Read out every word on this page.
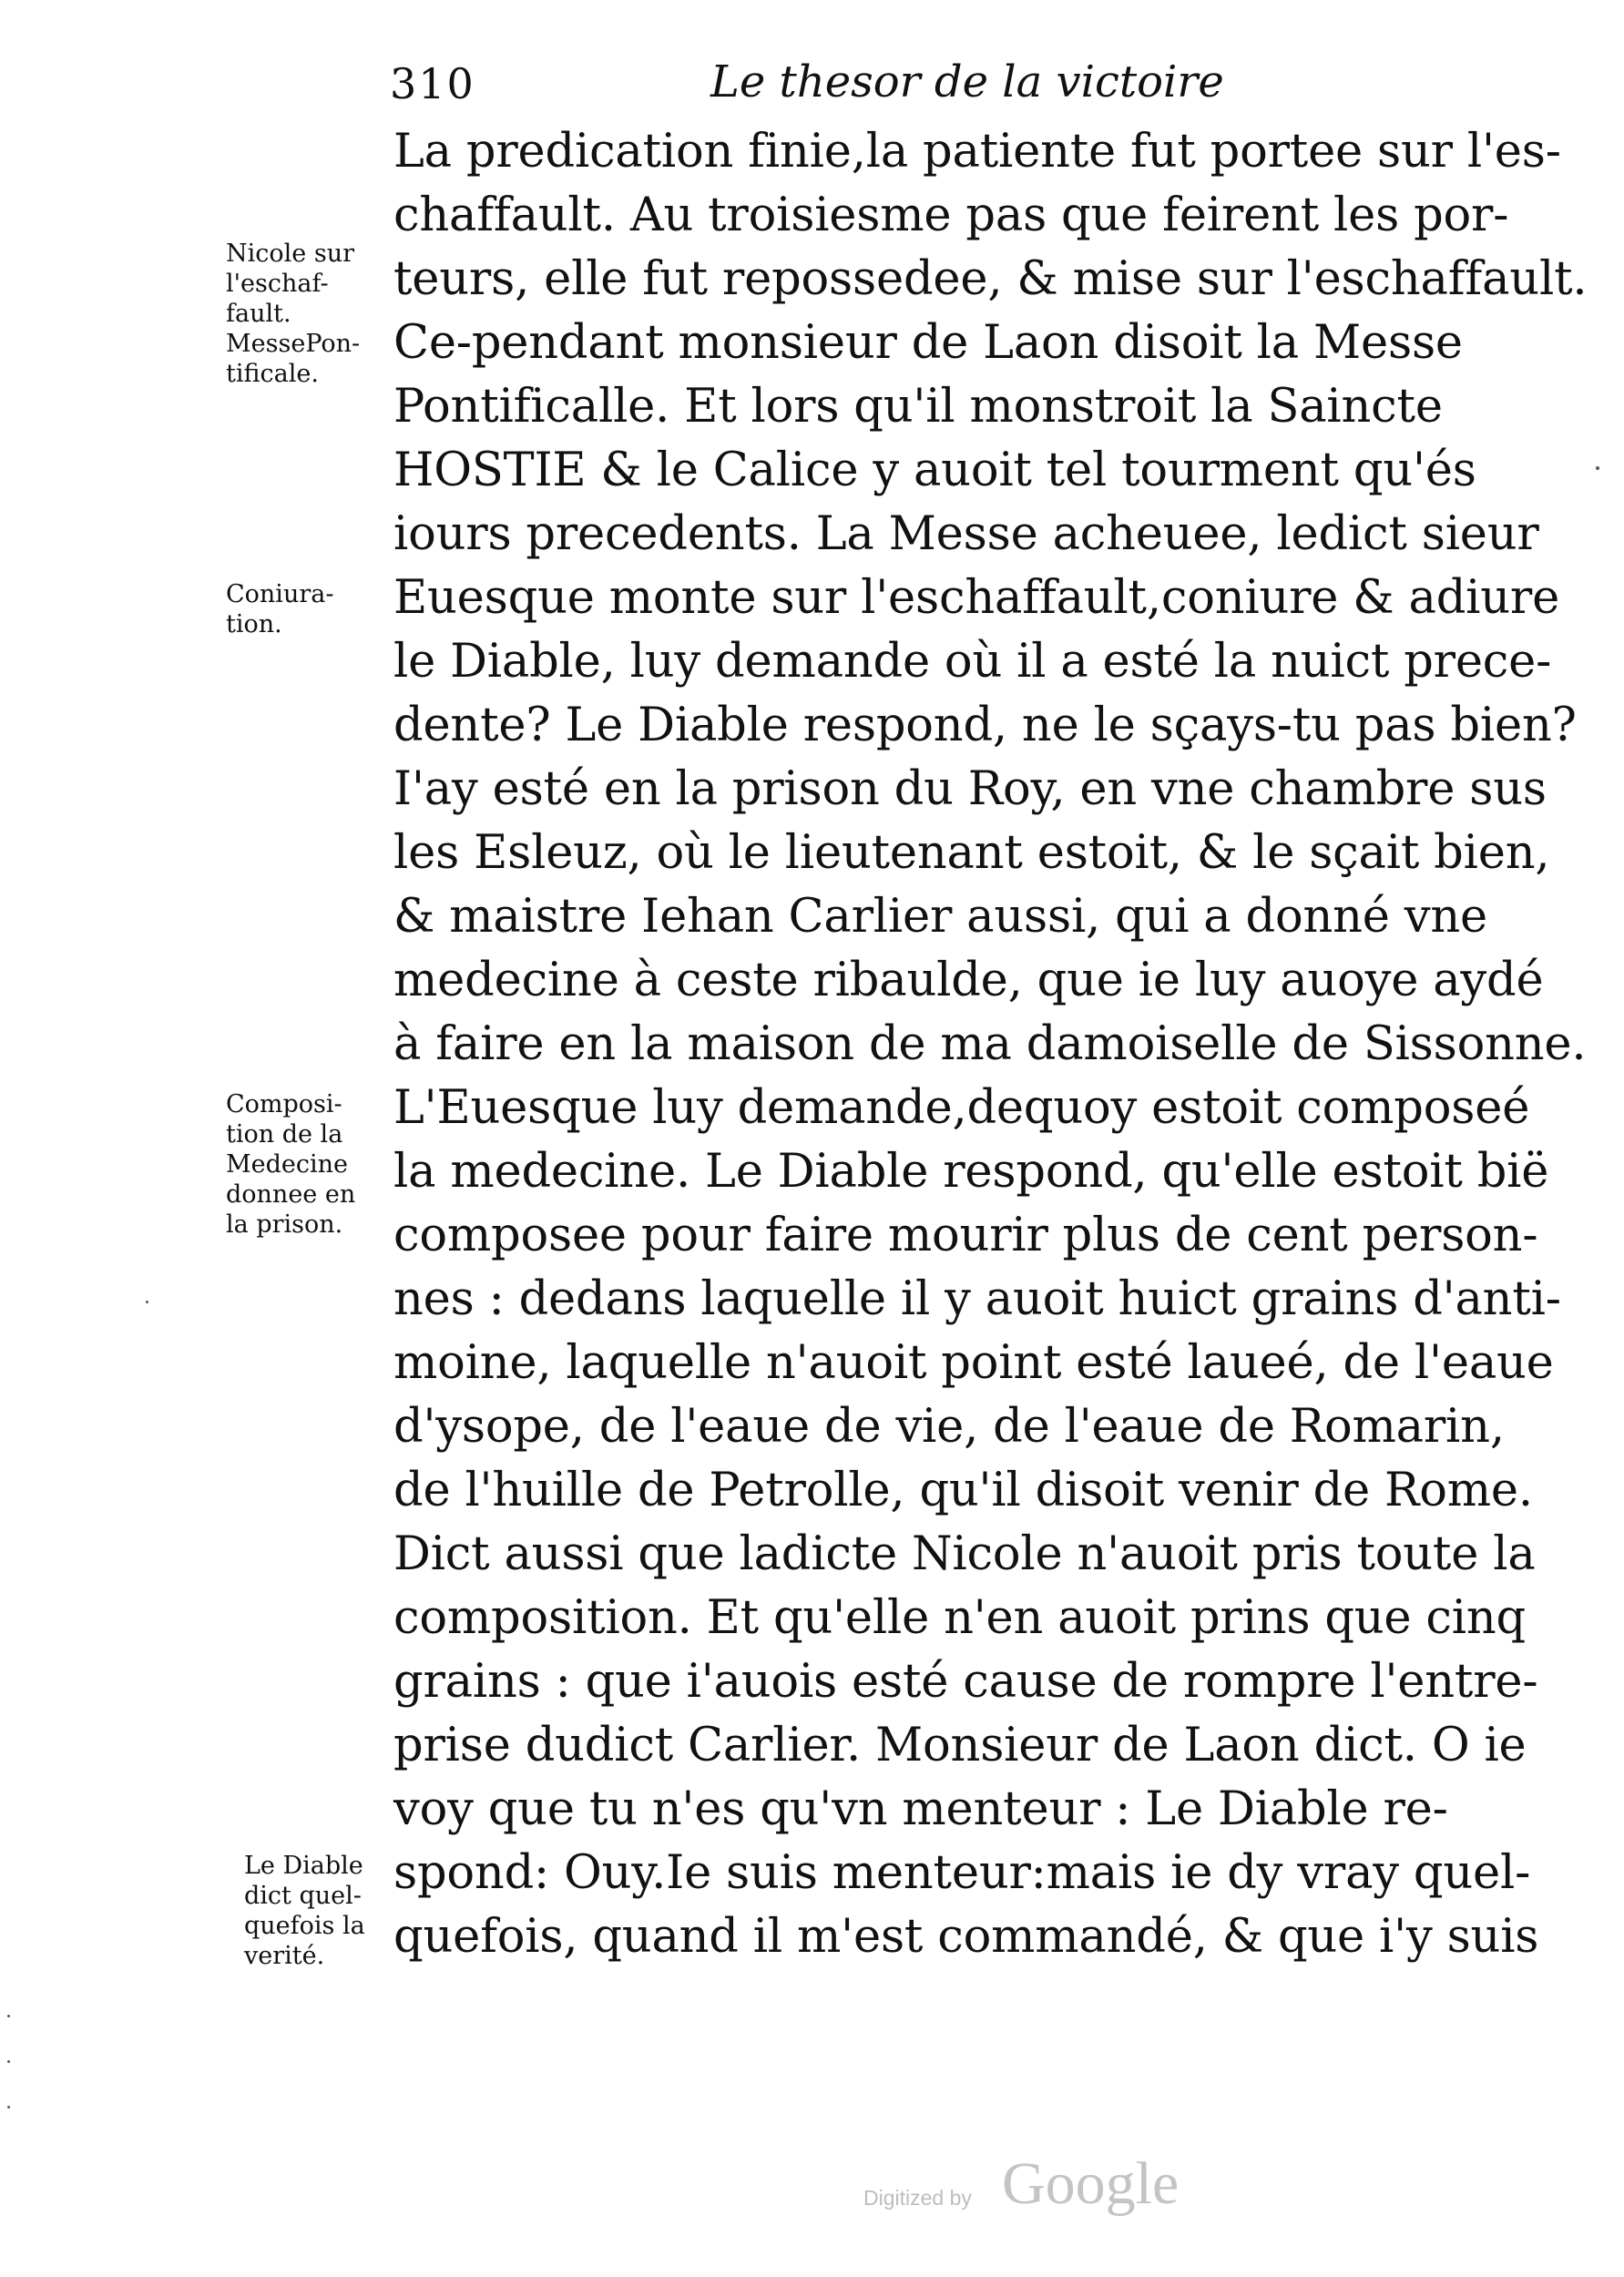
310	Le thesor de la victoire
La predication finie,la patiente fut portee sur l'es-
chaffault. Au troisiesme pas que feirent les por-
teurs, elle fut repossedee, & mise sur l'eschaffault.
Ce-pendant monsieur de Laon disoit la Messe
Pontificalle. Et lors qu'il monstroit la Saincte
HOSTIE & le Calice y auoit tel tourment qu'és
iours precedents. La Messe acheuee, ledict sieur
Euesque monte sur l'eschaffault,coniure & adiure
le Diable, luy demande où il a esté la nuict prece-
dente? Le Diable respond, ne le sçays-tu pas bien?
I'ay esté en la prison du Roy, en vne chambre sus
les Esleuz, où le lieutenant estoit, & le sçait bien,
& maistre Iehan Carlier aussi, qui a donné vne
medecine à ceste ribaulde, que ie luy auoye aydé
à faire en la maison de ma damoiselle de Sissonne.
L'Euesque luy demande,dequoy estoit composeé
la medecine. Le Diable respond, qu'elle estoit bië
composee pour faire mourir plus de cent person-
nes : dedans laquelle il y auoit huict grains d'anti-
moine, laquelle n'auoit point esté laueé, de l'eaue
d'ysope, de l'eaue de vie, de l'eaue de Romarin,
de l'huille de Petrolle, qu'il disoit venir de Rome.
Dict aussi que ladicte Nicole n'auoit pris toute la
composition. Et qu'elle n'en auoit prins que cinq
grains : que i'auois esté cause de rompre l'entre-
prise dudict Carlier. Monsieur de Laon dict. O ie
voy que tu n'es qu'vn menteur : Le Diable re-
spond: Ouy.Ie suis menteur:mais ie dy vray quel-
quefois, quand il m'est commandé, & que i'y suis
Nicole sur
l'eschaf-
fault.
MessePon-
tificale.
Coniura-
tion.
Composi-
tion de la
Medecine
donnee en
la prison.
Le Diable
dict quel-
quefois la
verité.
Digitized by Google
